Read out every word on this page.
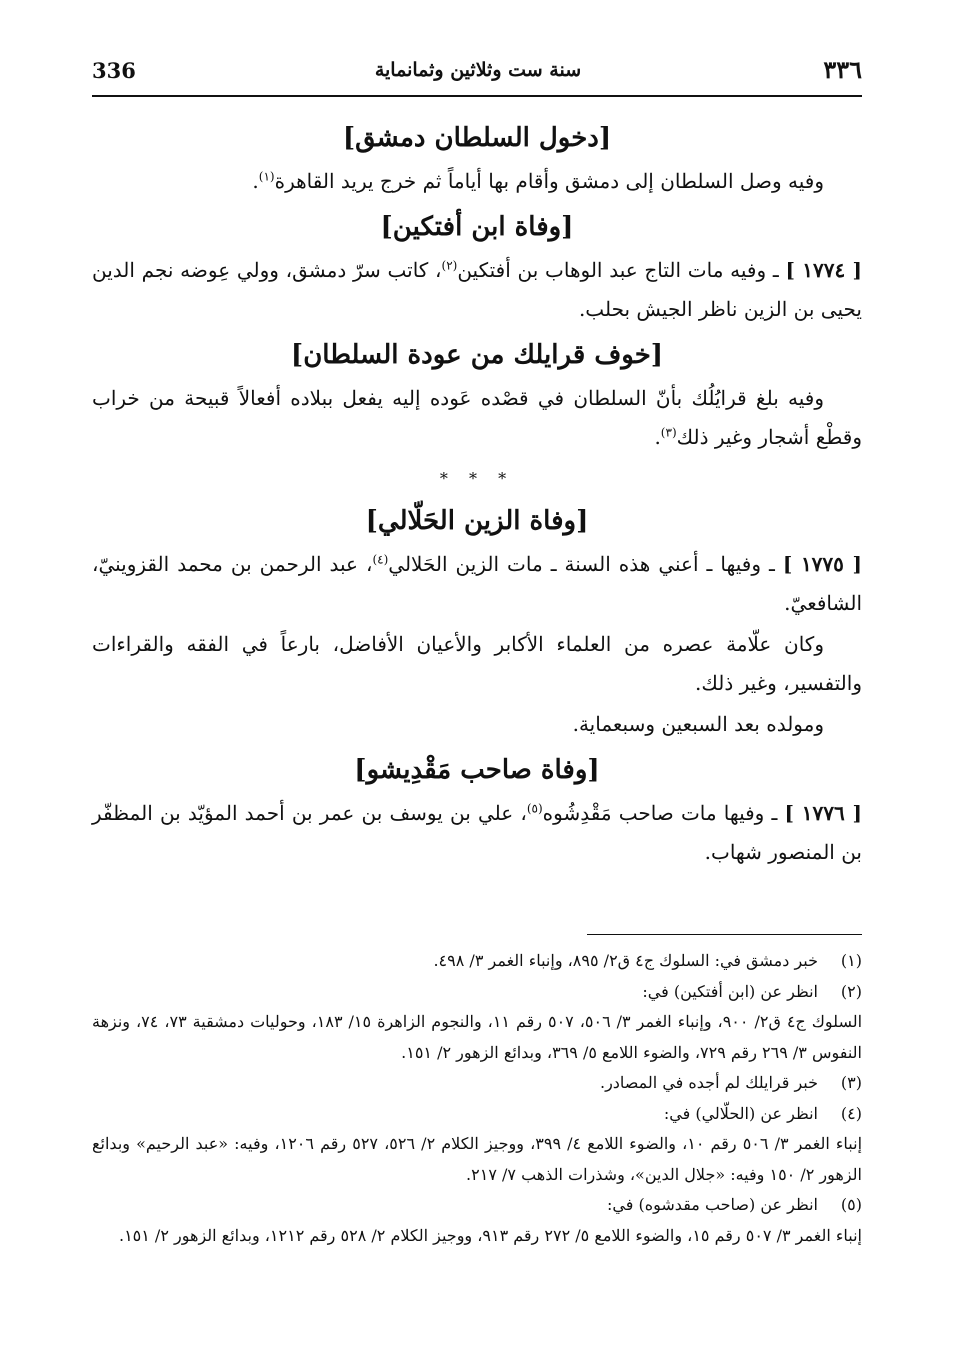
336	سنة ست وثلاثين وثمانماية	٣٣٦
[دخول السلطان دمشق]

وفيه وصل السلطان إلى دمشق وأقام بها أياماً ثم خرج يريد القاهرة$^{(١)}$.

[وفاة ابن أفتكين]

[ ١٧٧٤ ] ـ وفيه مات التاج عبد الوهاب بن أفتكين$^{(٢)}$، كاتب سرّ دمشق، وولي عِوضه نجم الدين يحيى بن الزين ناظر الجيش بحلب.

[خوف قرايلك من عودة السلطان]

وفيه بلغ قرايُلُك بأنّ السلطان في قصْده عَوده إليه يفعل ببلاده أفعالاً قبيحة من خراب وقطْع أشجار وغير ذلك$^{(٣)}$.

* * *
[وفاة الزين الحَلّالي]

[ ١٧٧٥ ] ـ وفيها ـ أعني هذه السنة ـ مات الزين الحَلالي$^{(٤)}$، عبد الرحمن بن محمد القزوينيّ، الشافعيّ.

وكان علّامة عصره من العلماء الأكابر والأعيان الأفاضل، بارعاً في الفقه والقراءات والتفسير، وغير ذلك.

ومولده بعد السبعين وسبعماية.

[وفاة صاحب مَقْدِيشو]

[ ١٧٧٦ ] ـ وفيها مات صاحب مَقْدِشُوه$^{(٥)}$، علي بن يوسف بن عمر بن أحمد المؤيّد بن المظفّر بن المنصور شهاب.

(١)خبر دمشق في: السلوك ج٤ ق٢/ ٨٩٥، وإنباء الغمر ٣/ ٤٩٨.
(٢)انظر عن (ابن أفتكين) في:
السلوك ج٤ ق٢/ ٩٠٠، وإنباء الغمر ٣/ ٥٠٦، ٥٠٧ رقم ١١، والنجوم الزاهرة ١٥/ ١٨٣، وحوليات دمشقية ٧٣، ٧٤، ونزهة النفوس ٣/ ٢٦٩ رقم ٧٢٩، والضوء اللامع ٥/ ٣٦٩، وبدائع الزهور ٢/ ١٥١.
(٣)خبر قرايلك لم أجده في المصادر.
(٤)انظر عن (الحلّالي) في:
إنباء الغمر ٣/ ٥٠٦ رقم ١٠، والضوء اللامع ٤/ ٣٩٩، ووجيز الكلام ٢/ ٥٢٦، ٥٢٧ رقم ١٢٠٦، وفيه: «عبد الرحيم» وبدائع الزهور ٢/ ١٥٠ وفيه: «جلال الدين»، وشذرات الذهب ٧/ ٢١٧.
(٥)انظر عن (صاحب مقدشوه) في:
إنباء الغمر ٣/ ٥٠٧ رقم ١٥، والضوء اللامع ٥/ ٢٧٢ رقم ٩١٣، ووجيز الكلام ٢/ ٥٢٨ رقم ١٢١٢، وبدائع الزهور ٢/ ١٥١.
